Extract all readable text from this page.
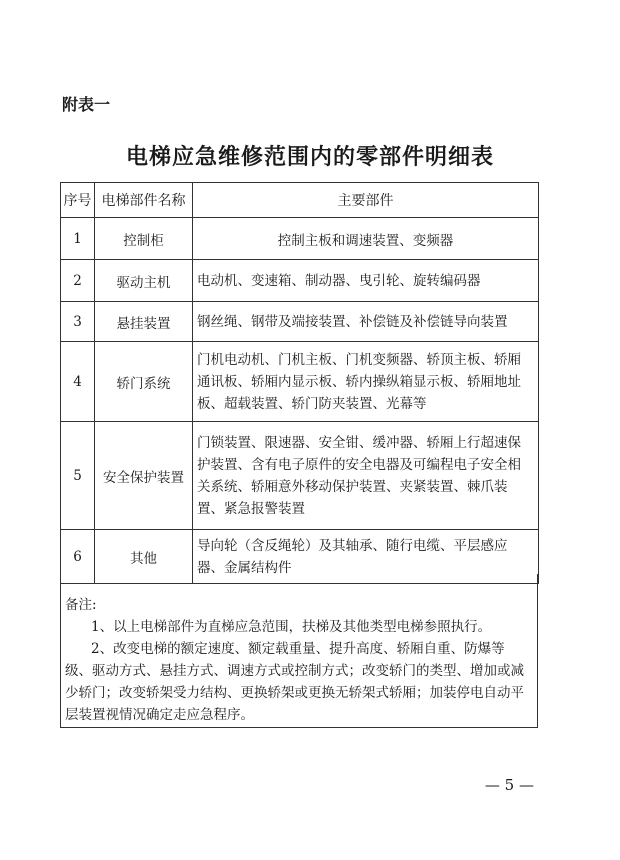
附表一
电梯应急维修范围内的零部件明细表
序号	电梯部件名称	主要部件
1	控制柜	控制主板和调速装置、变频器
2	驱动主机	电动机、变速箱、制动器、曳引轮、旋转编码器
3	悬挂装置	钢丝绳、钢带及端接装置、补偿链及补偿链导向装置
4	轿门系统	门机电动机、门机主板、门机变频器、轿顶主板、轿厢通讯板、轿厢内显示板、轿内操纵箱显示板、轿厢地址板、超载装置、轿门防夹装置、光幕等
5	安全保护装置	门锁装置、限速器、安全钳、缓冲器、轿厢上行超速保护装置、含有电子原件的安全电器及可编程电子安全相关系统、轿厢意外移动保护装置、夹紧装置、棘爪装置、紧急报警装置
6	其他	导向轮（含反绳轮）及其轴承、随行电缆、平层感应器、金属结构件

备注:

1、以上电梯部件为直梯应急范围，扶梯及其他类型电梯参照执行。

2、改变电梯的额定速度、额定载重量、提升高度、轿厢自重、防爆等级、驱动方式、悬挂方式、调速方式或控制方式；改变轿门的类型、增加或减少轿门；改变轿架受力结构、更换轿架或更换无轿架式轿厢；加装停电自动平层装置视情况确定走应急程序。

— 5 —
